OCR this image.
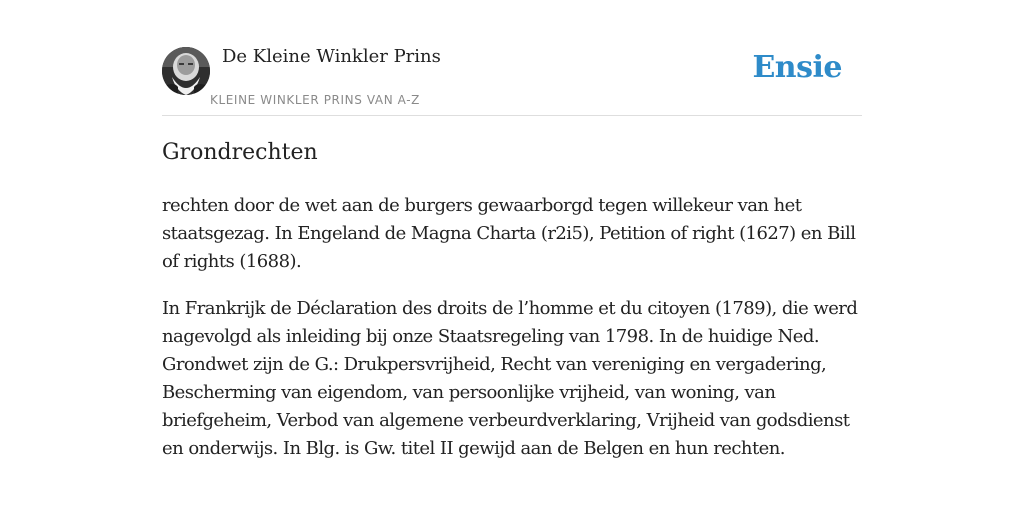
De Kleine Winkler Prins
KLEINE WINKLER PRINS VAN A-Z
Ensie
Grondrechten

rechten door de wet aan de burgers gewaarborgd tegen willekeur van het staatsgezag. In Engeland de Magna Charta (r2i5), Petition of right (1627) en Bill of rights (1688).

In Frankrijk de Déclaration des droits de l’homme et du citoyen (1789), die werd nagevolgd als inleiding bij onze Staatsregeling van 1798. In de huidige Ned. Grondwet zijn de G.: Drukpersvrijheid, Recht van vereniging en vergadering, Bescherming van eigendom, van persoonlijke vrijheid, van woning, van briefgeheim, Verbod van algemene verbeurdverklaring, Vrijheid van godsdienst en onderwijs. In Blg. is Gw. titel II gewijd aan de Belgen en hun rechten.
